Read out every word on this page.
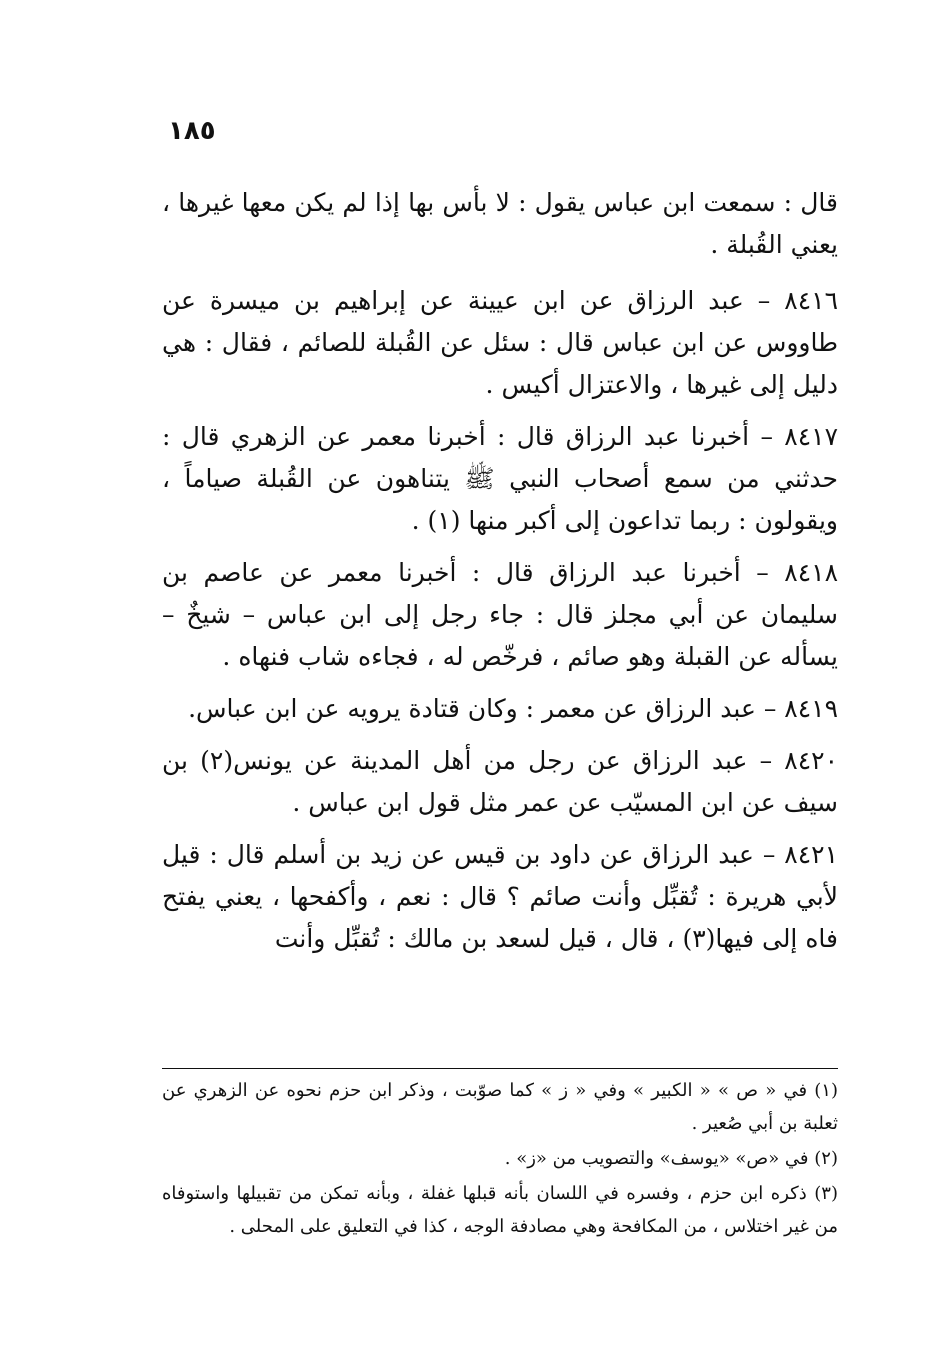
١٨٥

قال : سمعت ابن عباس يقول : لا بأس بها إذا لم يكن معها غيرها ، يعني القُبلة .

٨٤١٦ – عبد الرزاق عن ابن عيينة عن إبراهيم بن ميسرة عن طاووس عن ابن عباس قال : سئل عن القُبلة للصائم ، فقال : هي دليل إلى غيرها ، والاعتزال أكيس .

٨٤١٧ – أخبرنا عبد الرزاق قال : أخبرنا معمر عن الزهري قال : حدثني من سمع أصحاب النبي ﷺ يتناهون عن القُبلة صياماً ، ويقولون : ربما تداعون إلى أكبر منها (١) .

٨٤١٨ – أخبرنا عبد الرزاق قال : أخبرنا معمر عن عاصم بن سليمان عن أبي مجلز قال : جاء رجل إلى ابن عباس – شيخٌ – يسأله عن القبلة وهو صائم ، فرخّص له ، فجاءه شاب فنهاه .

٨٤١٩ – عبد الرزاق عن معمر : وكان قتادة يرويه عن ابن عباس.

٨٤٢٠ – عبد الرزاق عن رجل من أهل المدينة عن يونس(٢) بن سيف عن ابن المسيّب عن عمر مثل قول ابن عباس .

٨٤٢١ – عبد الرزاق عن داود بن قيس عن زيد بن أسلم قال : قيل لأبي هريرة : تُقبِّل وأنت صائم ؟ قال : نعم ، وأكفحها ، يعني يفتح فاه إلى فيها(٣) ، قال ، قيل لسعد بن مالك : تُقبِّل وأنت

(١) في « ص » « الكبير » وفي « ز » كما صوّبت ، وذكر ابن حزم نحوه عن الزهري عن ثعلبة بن أبي صُعير .

(٢) في «ص» «يوسف» والتصويب من «ز» .

(٣) ذكره ابن حزم ، وفسره في اللسان بأنه قبلها غفلة ، وبأنه تمكن من تقبيلها واستوفاه من غير اختلاس ، من المكافحة وهي مصادفة الوجه ، كذا في التعليق على المحلى .
